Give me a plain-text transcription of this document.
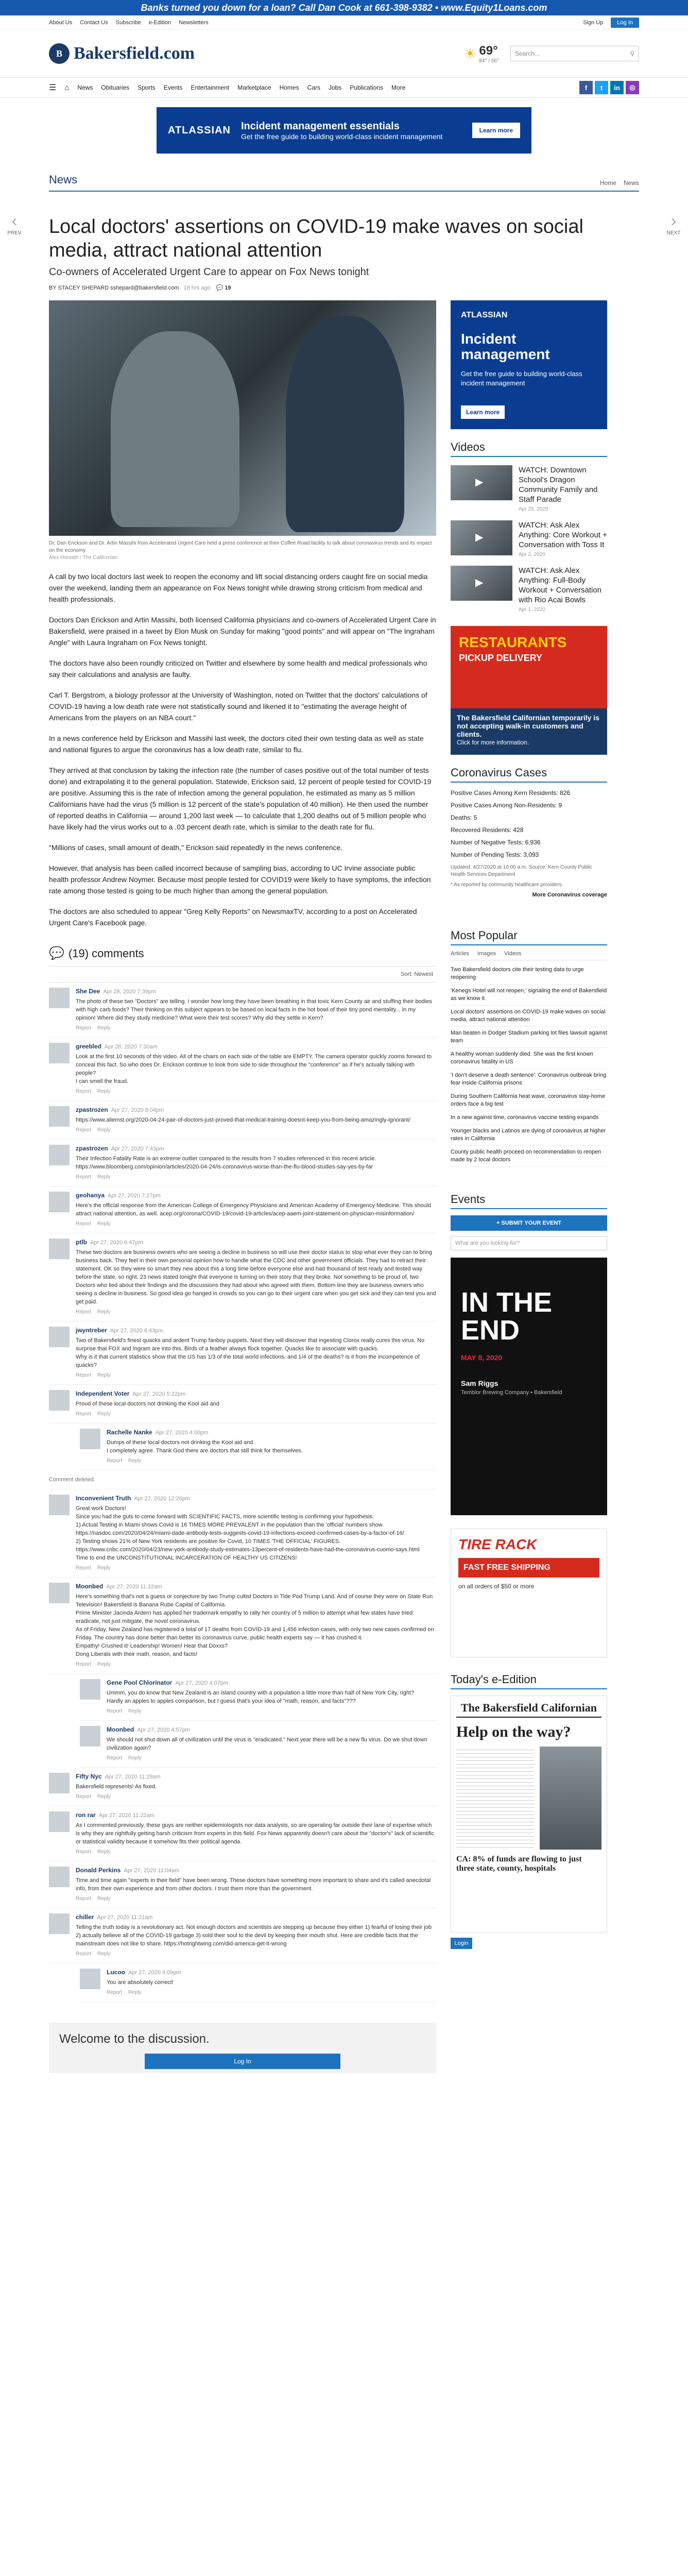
Banks turned you down for a loan? Call Dan Cook at 661-398-9382 • www.Equity1Loans.com
About Us Contact Us Subscribe e-Edition Newsletters	Sign Up Log In
B Bakersfield.com	☀ 69°
84° / 56°
Search...	⚲
☰ ⌂ News Obituaries Sports Events Entertainment Marketplace Homes Cars Jobs Publications More	f	t	in	◎
ATLASSIAN Incident management essentials
Get the free guide to building world-class incident management
Learn more
‹
PREV
›
NEXT
News	Home News
Local doctors' assertions on COVID-19 make waves on social media, attract national attention
Co-owners of Accelerated Urgent Care to appear on Fox News tonight
BY STACEY SHEPARD sshepard@bakersfield.com 18 hrs ago 💬 19
Dr. Dan Erickson and Dr. Artin Massihi from Accelerated Urgent Care held a press conference at their Coffee Road facility to talk about coronavirus trends and its impact on the economy.
Alex Horvath / The Californian

A call by two local doctors last week to reopen the economy and lift social distancing orders caught fire on social media over the weekend, landing them an appearance on Fox News tonight while drawing strong criticism from medical and health professionals.

Doctors Dan Erickson and Artin Massihi, both licensed California physicians and co-owners of Accelerated Urgent Care in Bakersfield, were praised in a tweet by Elon Musk on Sunday for making "good points" and will appear on "The Ingraham Angle" with Laura Ingraham on Fox News tonight.

The doctors have also been roundly criticized on Twitter and elsewhere by some health and medical professionals who say their calculations and analysis are faulty.

Carl T. Bergstrom, a biology professor at the University of Washington, noted on Twitter that the doctors' calculations of COVID-19 having a low death rate were not statistically sound and likened it to "estimating the average height of Americans from the players on an NBA court."

In a news conference held by Erickson and Massihi last week, the doctors cited their own testing data as well as state and national figures to argue the coronavirus has a low death rate, similar to flu.

They arrived at that conclusion by taking the infection rate (the number of cases positive out of the total number of tests done) and extrapolating it to the general population. Statewide, Erickson said, 12 percent of people tested for COVID-19 are positive. Assuming this is the rate of infection among the general population, he estimated as many as 5 million Californians have had the virus (5 million is 12 percent of the state's population of 40 million). He then used the number of reported deaths in California — around 1,200 last week — to calculate that 1,200 deaths out of 5 million people who have likely had the virus works out to a .03 percent death rate, which is similar to the death rate for flu.

"Millions of cases, small amount of death," Erickson said repeatedly in the news conference.

However, that analysis has been called incorrect because of sampling bias, according to UC Irvine associate public health professor Andrew Noymer. Because most people tested for COVID19 were likely to have symptoms, the infection rate among those tested is going to be much higher than among the general population.

The doctors are also scheduled to appear "Greg Kelly Reports" on NewsmaxTV, according to a post on Accelerated Urgent Care's Facebook page.

💬 (19) comments
Sort: Newest
She Dee Apr 28, 2020 7:39pm
The photo of these two "Doctors" are telling. I wonder how long they have been breathing in that toxic Kern County air and stuffing their bodies with high carb foods? Their thinking on this subject appears to be based on local facts in the hot bowl of their tiny pond mentality... in my opinion! Where did they study medicine? What were their test scores? Why did they settle in Kern?
Report Reply
greebled Apr 28, 2020 7:30am
Look at the first 10 seconds of this video. All of the chairs on each side of the table are EMPTY. The camera operator quickly zooms forward to conceal this fact. So who does Dr. Erickson continue to look from side to side throughout the "conference" as if he's actually talking with people?
I can smell the fraud.
Report Reply
zpastrozen Apr 27, 2020 8:04pm
https://www.aliemst.org/2020-04-24-pair-of-doctors-just-proved-that-medical-training-doesnt-keep-you-from-being-amazingly-ignorant/
Report Reply
zpastrozen Apr 27, 2020 7:43pm
Their Infection Fatality Rate is an extreme outlier compared to the results from 7 studies referenced in this recent article.
https://www.bloomberg.com/opinion/articles/2020-04-24/is-coronavirus-worse-than-the-flu-blood-studies-say-yes-by-far
Report Reply
geohanya Apr 27, 2020 7:27pm
Here's the official response from the American College of Emergency Physicians and American Academy of Emergency Medicine. This should attract national attention, as well. acep.org/corona/COVID-19/covid-19-articles/acep-aaem-joint-statement-on-physician-misinformation/
Report Reply
ptlb Apr 27, 2020 6:47pm
These two doctors are business owners who are seeing a decline in business so will use their doctor status to stop what ever they can to bring business back. They feel in their own personal opinion how to handle what the CDC and other government officials. They had to retract their statement. OK so they were so smart they new about this a long time before everyone else and had thousand of test ready and tested way before the state, so right. 23 news stated tonight that everyone is turning on their story that they broke. Not something to be proud of, two Doctors who lied about their findings and the discussions they had about who agreed with them. Bottom line they are business owners who seeing a decline in business. So good idea go hanged in crowds so you can go to their urgent care when you get sick and they can test you and get paid.
Report Reply
jwyntreber Apr 27, 2020 6:43pm
Two of Bakersfield's finest quacks and ardent Trump fanboy puppets. Next they will discover that ingesting Clorox really cures this virus. No surprise that FOX and Ingram are into this. Birds of a feather always flock together. Quacks like to associate with quacks.
Why is it that current statistics show that the US has 1/3 of the total world infections, and 1/4 of the deaths? Is it from the incompetence of quacks?
Report Reply
Independent Voter Apr 27, 2020 5:22pm
Proud of these local doctors not drinking the Kool aid and
Report Reply
Rachelle Nanke Apr 27, 2020 4:00pm
Dumps of these local doctors not drinking the Kool aid and
I completely agree. Thank God there are doctors that still think for themselves.
Report Reply
Comment deleted.
Inconvenient Truth Apr 27, 2020 12:26pm
Great work Doctors!
Since you had the guts to come forward with SCIENTIFIC FACTS, more scientific testing is confirming your hypothesis:
1) Actual Testing in Miami shows Covid is 16 TIMES MORE PREVALENT in the population than the 'official' numbers show.
https://nasdoc.com/2020/04/24/miami-dade-antibody-tests-suggests-covid-19-infections-exceed-confirmed-cases-by-a-factor-of-16/
2) Testing shows 21% of New York residents are positive for Covid, 10 TIMES 'THE OFFICIAL' FIGURES.
https://www.cnbc.com/2020/04/23/new-york-antibody-study-estimates-13percent-of-residents-have-had-the-coronavirus-cuomo-says.html
Time to end the UNCONSTITUTIONAL INCARCERATION OF HEALTHY US CITIZENS!
Report Reply
Moonbed Apr 27, 2020 11:32am
Here's something that's not a guess or conjecture by two Trump cultist Doctors in Tide Pod Trump Land. And of course they were on State Run Television! Bakersfield is Banana Rube Capital of California.
Prime Minister Jacinda Ardern has applied her trademark empathy to rally her country of 5 million to attempt what few states have tried: eradicate, not just mitigate, the novel coronavirus.
As of Friday, New Zealand has registered a total of 17 deaths from COVID-19 and 1,456 infection cases, with only two new cases confirmed on Friday. The country has done better than better its coronavirus curve, public health experts say — it has crushed it.
Empathy! Crushed it! Leadership! Women! Hear that Doxxs?
Dong Liberals with their math, reason, and facts!
Report Reply
Gene Pool Chlorinator Apr 27, 2020 4:07pm
Ummm, you do know that New Zealand is an island country with a population a little more than half of New York City, right?
Hardly an apples to apples comparison, but I guess that's your idea of "math, reason, and facts"???
Report Reply
Moonbed Apr 27, 2020 4:57pm
We should not shut down all of civilization until the virus is "eradicated." Next year there will be a new flu virus. Do we shut down civilization again?
Report Reply
Fifty Nyc Apr 27, 2020 11:29am
Bakersfield represents! As fixed.
Report Reply
ron rar Apr 27, 2020 11:22am
As I commented previously, these guys are neither epidemiologists nor data analysts, so are operating far outside their lane of expertise which is why they are rightfully getting harsh criticism from experts in this field. Fox News apparently doesn't care about the "doctor's" lack of scientific or statistical validity because it somehow fits their political agenda.
Report Reply
Donald Perkins Apr 27, 2020 11:04am
Time and time again "experts in their field" have been wrong. These doctors have something more important to share and it's called anecdotal info, from their own experience and from other doctors. I trust them more than the government.
Report Reply
chiller Apr 27, 2020 11:21am
Telling the truth today is a revolutionary act. Not enough doctors and scientists are stepping up because they either 1) fearful of losing their job 2) actually believe all of the COVID-19 garbage 3) sold their soul to the devil by keeping their mouth shut. Here are credible facts that the mainstream does not like to share. https://hotrightwing.com/did-america-get-it-wrong
Report Reply
Lucoo Apr 27, 2020 4:09pm
You are absolutely correct!
Report Reply
Welcome to the discussion.
Log In
ATLASSIAN
Incident management

Get the free guide to building world-class incident management

Learn more
Videos
▶
WATCH: Downtown School's Dragon Community Family and Staff Parade
Apr 25, 2020
▶
WATCH: Ask Alex Anything: Core Workout + Conversation with Toss It
Apr 2, 2020
▶
WATCH: Ask Alex Anything: Full-Body Workout + Conversation with Rio Acai Bowls
Apr 1, 2020
RESTAURANTS
PICKUP DELIVERY
The Bakersfield Californian temporarily is not accepting walk-in customers and clients.
Click for more information.
Coronavirus Cases
Positive Cases Among Kern Residents: 826
Positive Cases Among Non-Residents: 9
Deaths: 5
Recovered Residents: 428
Number of Negative Tests: 6,936
Number of Pending Tests: 3,093
Updated: 4/27/2020 at 10:00 a.m. Source: Kern County Public Health Services Department
* As reported by community healthcare providers.
More Coronavirus coverage
Most Popular
Articles Images Videos
Two Bakersfield doctors cite their testing data to urge reopening
'Kenegs Hotel will not reopen,' signaling the end of Bakersfield as we know it
Local doctors' assertions on COVID-19 make waves on social media, attract national attention
Man beaten in Dodger Stadium parking lot files lawsuit against team
A healthy woman suddenly died. She was the first known coronavirus fatality in US
'I don't deserve a death sentence': Coronavirus outbreak bring fear inside California prisons
During Southern California heat wave, coronavirus stay-home orders face a big test
In a new against time, coronavirus vaccine testing expands
Younger blacks and Latinos are dying of coronavirus at higher rates in California
County public health proceed on recommendation to reopen made by 2 local doctors
Events
+ SUBMIT YOUR EVENT
What are you looking for?
IN THE END
MAY 8, 2020
Sam Riggs
Temblor Brewing Company • Bakersfield
TIRE RACK
FAST FREE SHIPPING
on all orders of $50 or more
Today's e-Edition
The Bakersfield Californian
Help on the way?
CA: 8% of funds are flowing to just three state, county, hospitals
Login
